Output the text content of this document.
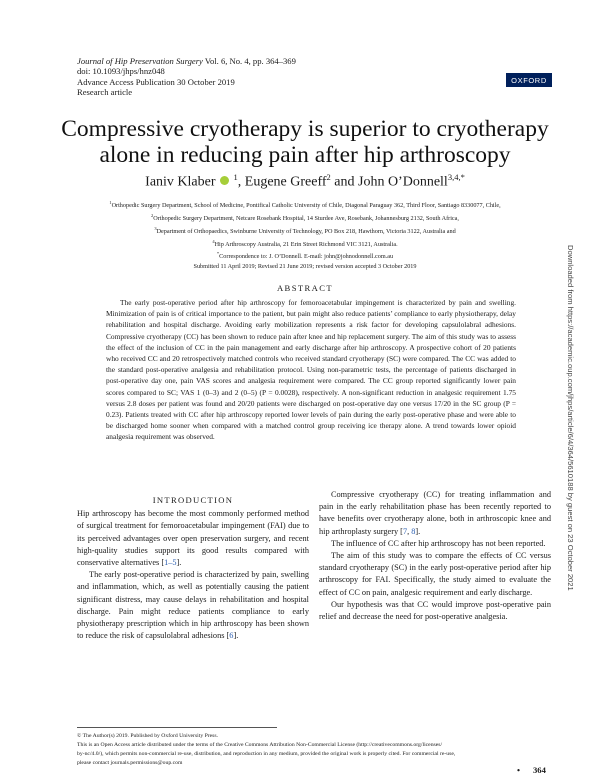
Journal of Hip Preservation Surgery Vol. 6, No. 4, pp. 364–369
doi: 10.1093/jhps/hnz048
Advance Access Publication 30 October 2019
Research article
OXFORD
Compressive cryotherapy is superior to cryotherapy alone in reducing pain after hip arthroscopy
Ianiv Klaber $^1$, Eugene Greeff$^2$ and John O’Donnell$^{3,4,*}$
$^1$Orthopedic Surgery Department, School of Medicine, Pontifical Catholic University of Chile, Diagonal Paraguay 362, Third Floor, Santiago 8330077, Chile,
$^2$Orthopedic Surgery Department, Netcare Rosebank Hospital, 14 Sturdee Ave, Rosebank, Johannesburg 2132, South Africa,
$^3$Department of Orthopaedics, Swinburne University of Technology, PO Box 218, Hawthorn, Victoria 3122, Australia and
$^4$Hip Arthroscopy Australia, 21 Erin Street Richmond VIC 3121, Australia.
*Correspondence to: J. O’Donnell. E-mail: john@johnodonnell.com.au
Submitted 11 April 2019; Revised 21 June 2019; revised version accepted 3 October 2019
ABSTRACT

The early post-operative period after hip arthroscopy for femoroacetabular impingement is characterized by pain and swelling. Minimization of pain is of critical importance to the patient, but pain might also reduce patients’ compliance to early physiotherapy, delay rehabilitation and hospital discharge. Avoiding early mobilization represents a risk factor for developing capsulolabral adhesions. Compressive cryotherapy (CC) has been shown to reduce pain after knee and hip replacement surgery. The aim of this study was to assess the effect of the inclusion of CC in the pain management and early discharge after hip arthroscopy. A prospective cohort of 20 patients who received CC and 20 retrospectively matched controls who received standard cryotherapy (SC) were compared. The CC was added to the standard post-operative analgesia and rehabilitation protocol. Using non-parametric tests, the percentage of patients discharged in post-operative day one, pain VAS scores and analgesia requirement were compared. The CC group reported significantly lower pain scores compared to SC; VAS 1 (0–3) and 2 (0–5) (P = 0.0028), respectively. A non-significant reduction in analgesic requirement 1.75 versus 2.8 doses per patient was found and 20/20 patients were discharged on post-operative day one versus 17/20 in the SC group (P = 0.23). Patients treated with CC after hip arthroscopy reported lower levels of pain during the early post-operative phase and were able to be discharged home sooner when compared with a matched control group receiving ice therapy alone. A trend towards lower opioid analgesia requirement was observed.

INTRODUCTION

Hip arthroscopy has become the most commonly performed method of surgical treatment for femoroacetabular impingement (FAI) due to its perceived advantages over open preservation surgery, and recent high-quality studies support its good results compared with conservative alternatives [1–5].

The early post-operative period is characterized by pain, swelling and inflammation, which, as well as potentially causing the patient significant distress, may cause delays in rehabilitation and hospital discharge. Pain might reduce patients compliance to early physiotherapy prescription which in hip arthroscopy has been shown to reduce the risk of capsulolabral adhesions [6].

Compressive cryotherapy (CC) for treating inflammation and pain in the early rehabilitation phase has been recently reported to have benefits over cryotherapy alone, both in arthroscopic knee and hip arthroplasty surgery [7, 8].

The influence of CC after hip arthroscopy has not been reported.

The aim of this study was to compare the effects of CC versus standard cryotherapy (SC) in the early post-operative period after hip arthroscopy for FAI. Specifically, the study aimed to evaluate the effect of CC on pain, analgesic requirement and early discharge.

Our hypothesis was that CC would improve post-operative pain relief and decrease the need for post-operative analgesia.

© The Author(s) 2019. Published by Oxford University Press.
This is an Open Access article distributed under the terms of the Creative Commons Attribution Non-Commercial License (http://creativecommons.org/licenses/
by-nc/4.0/), which permits non-commercial re-use, distribution, and reproduction in any medium, provided the original work is properly cited. For commercial re-use,
please contact journals.permissions@oup.com
• 364
Downloaded from https://academic.oup.com/jhps/article/6/4/364/5610188 by guest on 23 October 2021
